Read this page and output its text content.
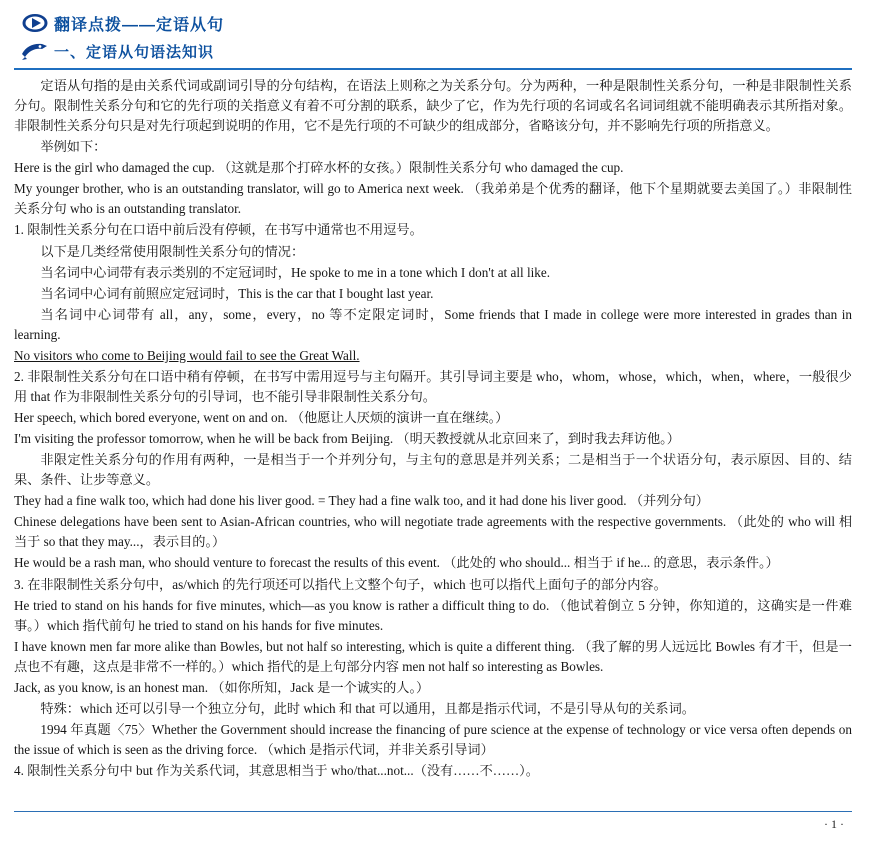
翻译点拨——定语从句
一、定语从句语法知识

定语从句指的是由关系代词或副词引导的分句结构，在语法上则称之为关系分句。分为两种，一种是限制性关系分句，一种是非限制性关系分句。限制性关系分句和它的先行项的关指意义有着不可分割的联系，缺少了它，作为先行项的名词或名名词词组就不能明确表示其所指对象。非限制性关系分句只是对先行项起到说明的作用，它不是先行项的不可缺少的组成部分，省略该分句，并不影响先行项的所指意义。

举例如下：

Here is the girl who damaged the cup. （这就是那个打碎水杯的女孩。）限制性关系分句 who damaged the cup.

My younger brother, who is an outstanding translator, will go to America next week. （我弟弟是个优秀的翻译，他下个星期就要去美国了。）非限制性关系分句 who is an outstanding translator.

1. 限制性关系分句在口语中前后没有停顿，在书写中通常也不用逗号。

以下是几类经常使用限制性关系分句的情况：

当名词中心词带有表示类别的不定冠词时，He spoke to me in a tone which I don't at all like.

当名词中心词有前照应定冠词时，This is the car that I bought last year.

当名词中心词带有 all，any，some，every，no 等不定限定词时，Some friends that I made in college were more interested in grades than in learning.

No visitors who come to Beijing would fail to see the Great Wall.

2. 非限制性关系分句在口语中稍有停顿，在书写中需用逗号与主句隔开。其引导词主要是 who，whom，whose，which，when，where，一般很少用 that 作为非限制性关系分句的引导词，也不能引导非限制性关系分句。

Her speech, which bored everyone, went on and on. （他愿让人厌烦的演讲一直在继续。）

I'm visiting the professor tomorrow, when he will be back from Beijing. （明天教授就从北京回来了，到时我去拜访他。）

非限定性关系分句的作用有两种，一是相当于一个并列分句，与主句的意思是并列关系；二是相当于一个状语分句，表示原因、目的、结果、条件、让步等意义。

They had a fine walk too, which had done his liver good. = They had a fine walk too, and it had done his liver good. （并列分句）

Chinese delegations have been sent to Asian-African countries, who will negotiate trade agreements with the respective governments. （此处的 who will 相当于 so that they may...，表示目的。）

He would be a rash man, who should venture to forecast the results of this event. （此处的 who should... 相当于 if he... 的意思，表示条件。）

3. 在非限制性关系分句中，as/which 的先行项还可以指代上文整个句子，which 也可以指代上面句子的部分内容。

He tried to stand on his hands for five minutes, which—as you know is rather a difficult thing to do. （他试着倒立 5 分钟，你知道的，这确实是一件难事。）which 指代前句 he tried to stand on his hands for five minutes.

I have known men far more alike than Bowles, but not half so interesting, which is quite a different thing. （我了解的男人远远比 Bowles 有才干，但是一点也不有趣，这点是非常不一样的。）which 指代的是上句部分内容 men not half so interesting as Bowles.

Jack, as you know, is an honest man. （如你所知，Jack 是一个诚实的人。）

特殊：which 还可以引导一个独立分句，此时 which 和 that 可以通用，且都是指示代词，不是引导从句的关系词。

1994 年真题〈75〉Whether the Government should increase the financing of pure science at the expense of technology or vice versa often depends on the issue of which is seen as the driving force. （which 是指示代词，并非关系引导词）

4. 限制性关系分句中 but 作为关系代词，其意思相当于 who/that...not...（没有……不……）。

· 1 ·
